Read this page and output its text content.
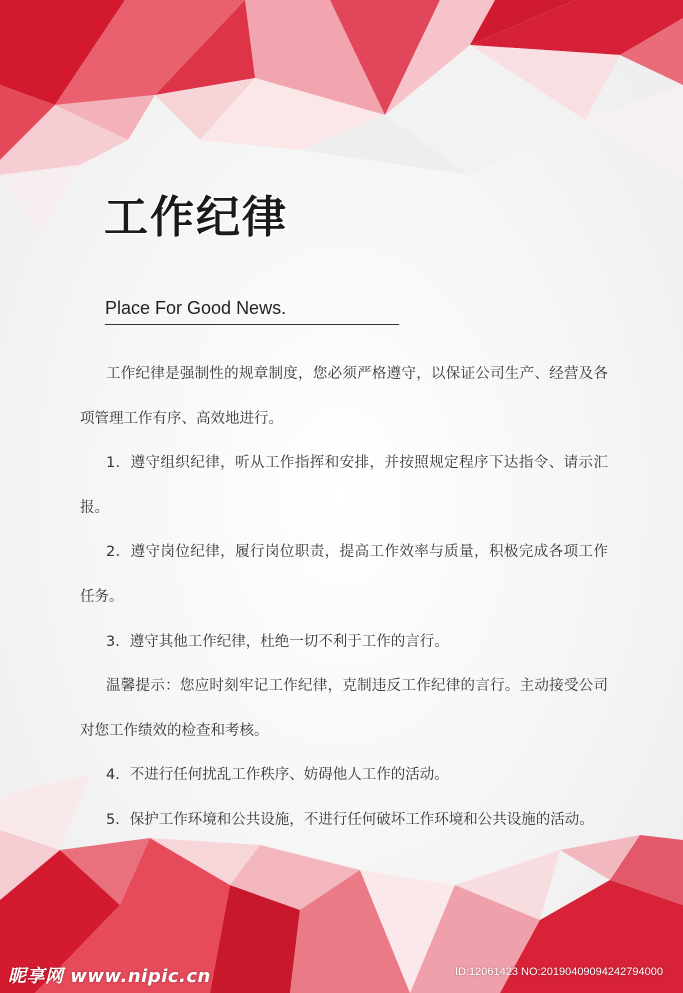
工作纪律
Place For Good News.

工作纪律是强制性的规章制度，您必须严格遵守，以保证公司生产、经营及各项管理工作有序、高效地进行。

1．遵守组织纪律，听从工作指挥和安排，并按照规定程序下达指令、请示汇报。

2．遵守岗位纪律，履行岗位职责，提高工作效率与质量，积极完成各项工作任务。

3．遵守其他工作纪律，杜绝一切不利于工作的言行。

温馨提示：您应时刻牢记工作纪律，克制违反工作纪律的言行。主动接受公司对您工作绩效的检查和考核。

4．不进行任何扰乱工作秩序、妨碍他人工作的活动。

5．保护工作环境和公共设施，不进行任何破坏工作环境和公共设施的活动。

昵享网 www.nipic.cn	ID:12061423 NO:20190409094242794000
